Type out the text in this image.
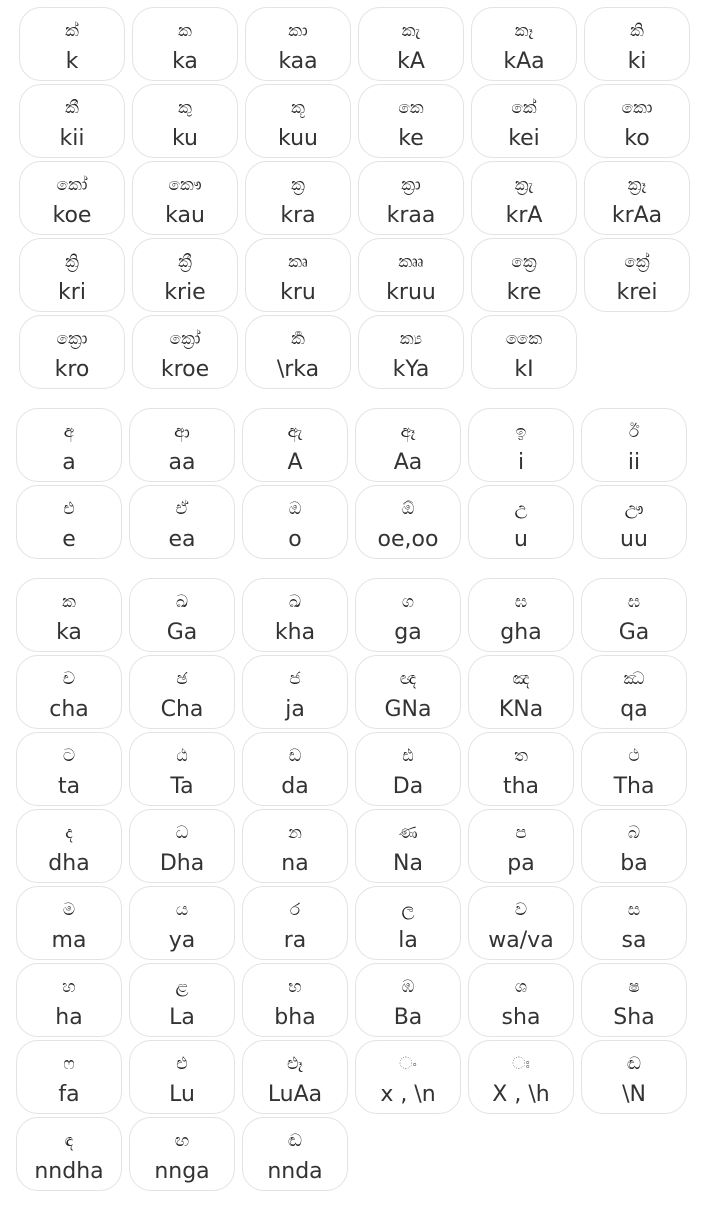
ක්
k
ක
ka
කා
kaa
කැ
kA
කෑ
kAa
කි
ki
කී
kii
කු
ku
කූ
kuu
කෙ
ke
කේ
kei
කො
ko
කෝ
koe
කෞ
kau
ක්‍ර
kra
ක්‍රා
kraa
ක්‍රැ
krA
ක්‍රෑ
krAa
ක්‍රි
kri
ක්‍රී
krie
කෘ
kru
කෲ
kruu
ක්‍රෙ
kre
ක්‍රේ
krei
ක්‍රො
kro
ක්‍රෝ
kroe
ර්‍ක
\rka
ක්‍ය
kYa
කෛ
kI
අ
a
ආ
aa
ඇ
A
ඈ
Aa
ඉ
i
ඊ
ii
එ
e
ඒ
ea
ඔ
o
ඕ
oe,oo
උ
u
ඌ
uu
ක
ka
ඛ
Ga
ඛ
kha
ග
ga
ඝ
gha
ඝ
Ga
ච
cha
ඡ
Cha
ජ
ja
ඥ
GNa
ඤ
KNa
ඣ
qa
ට
ta
ඨ
Ta
ඩ
da
ඪ
Da
ත
tha
ථ
Tha
ද
dha
ධ
Dha
න
na
ණ
Na
ප
pa
බ
ba
ම
ma
ය
ya
ර
ra
ල
la
ව
wa/va
ස
sa
හ
ha
ළ
La
භ
bha
ඹ
Ba
ශ
sha
ෂ
Sha
ෆ
fa
ළු
Lu
ළූ
LuAa
ං
x , \n
ඃ
X , \h
ඬ
\N
ඳ
nndha
ඟ
nnga
ඬ
nnda
